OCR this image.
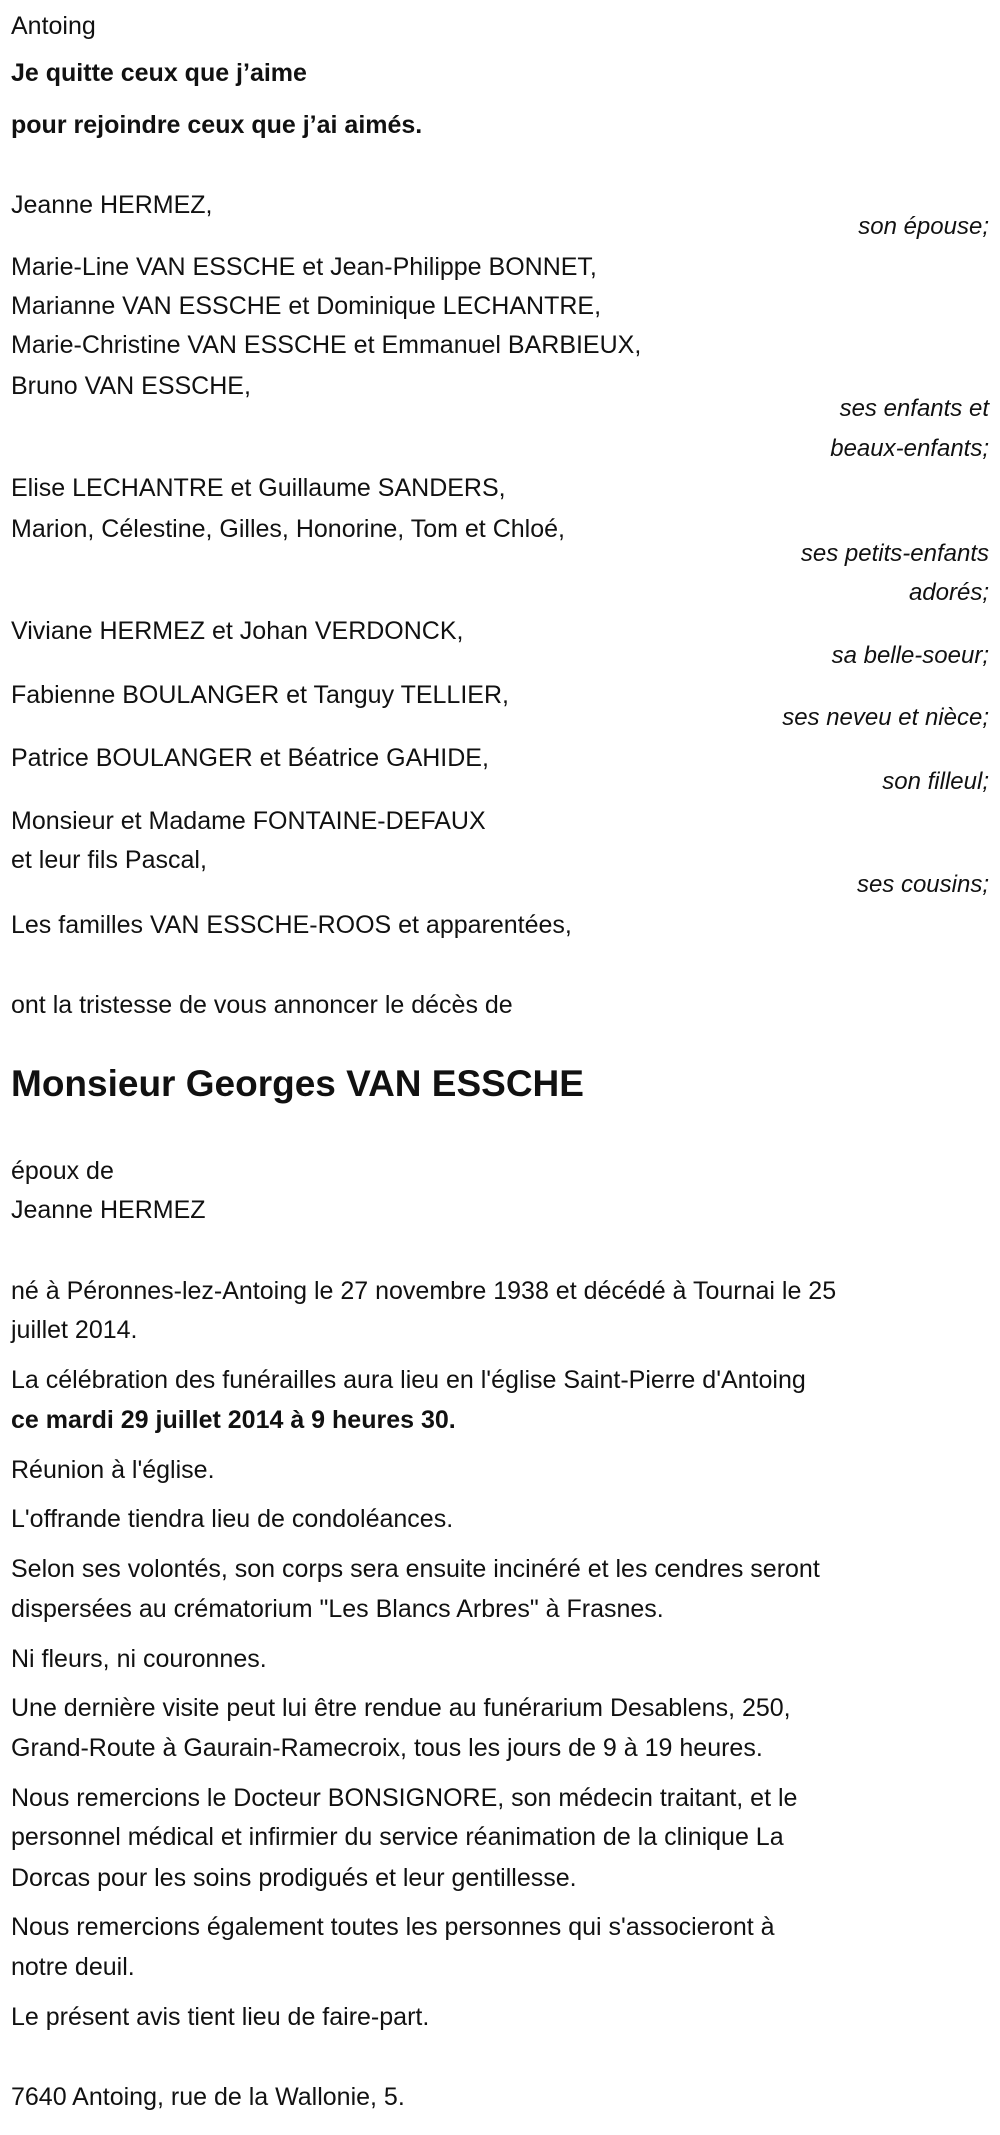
Antoing
Je quitte ceux que j’aime
pour rejoindre ceux que j’ai aimés.
Jeanne HERMEZ,
son épouse;
Marie-Line VAN ESSCHE et Jean-Philippe BONNET,
Marianne VAN ESSCHE et Dominique LECHANTRE,
Marie-Christine VAN ESSCHE et Emmanuel BARBIEUX,
Bruno VAN ESSCHE,
ses enfants et
beaux-enfants;
Elise LECHANTRE et Guillaume SANDERS,
Marion, Célestine, Gilles, Honorine, Tom et Chloé,
ses petits-enfants
adorés;
Viviane HERMEZ et Johan VERDONCK,
sa belle-soeur;
Fabienne BOULANGER et Tanguy TELLIER,
ses neveu et nièce;
Patrice BOULANGER et Béatrice GAHIDE,
son filleul;
Monsieur et Madame FONTAINE-DEFAUX
et leur fils Pascal,
ses cousins;
Les familles VAN ESSCHE-ROOS et apparentées,
ont la tristesse de vous annoncer le décès de
Monsieur Georges VAN ESSCHE
époux de
Jeanne HERMEZ
né à Péronnes-lez-Antoing le 27 novembre 1938 et décédé à Tournai le 25
juillet 2014.
La célébration des funérailles aura lieu en l'église Saint-Pierre d'Antoing
ce mardi 29 juillet 2014 à 9 heures 30.
Réunion à l'église.
L'offrande tiendra lieu de condoléances.
Selon ses volontés, son corps sera ensuite incinéré et les cendres seront
dispersées au crématorium "Les Blancs Arbres" à Frasnes.
Ni fleurs, ni couronnes.
Une dernière visite peut lui être rendue au funérarium Desablens, 250,
Grand-Route à Gaurain-Ramecroix, tous les jours de 9 à 19 heures.
Nous remercions le Docteur BONSIGNORE, son médecin traitant, et le
personnel médical et infirmier du service réanimation de la clinique La
Dorcas pour les soins prodigués et leur gentillesse.
Nous remercions également toutes les personnes qui s'associeront à
notre deuil.
Le présent avis tient lieu de faire-part.
7640 Antoing, rue de la Wallonie, 5.
